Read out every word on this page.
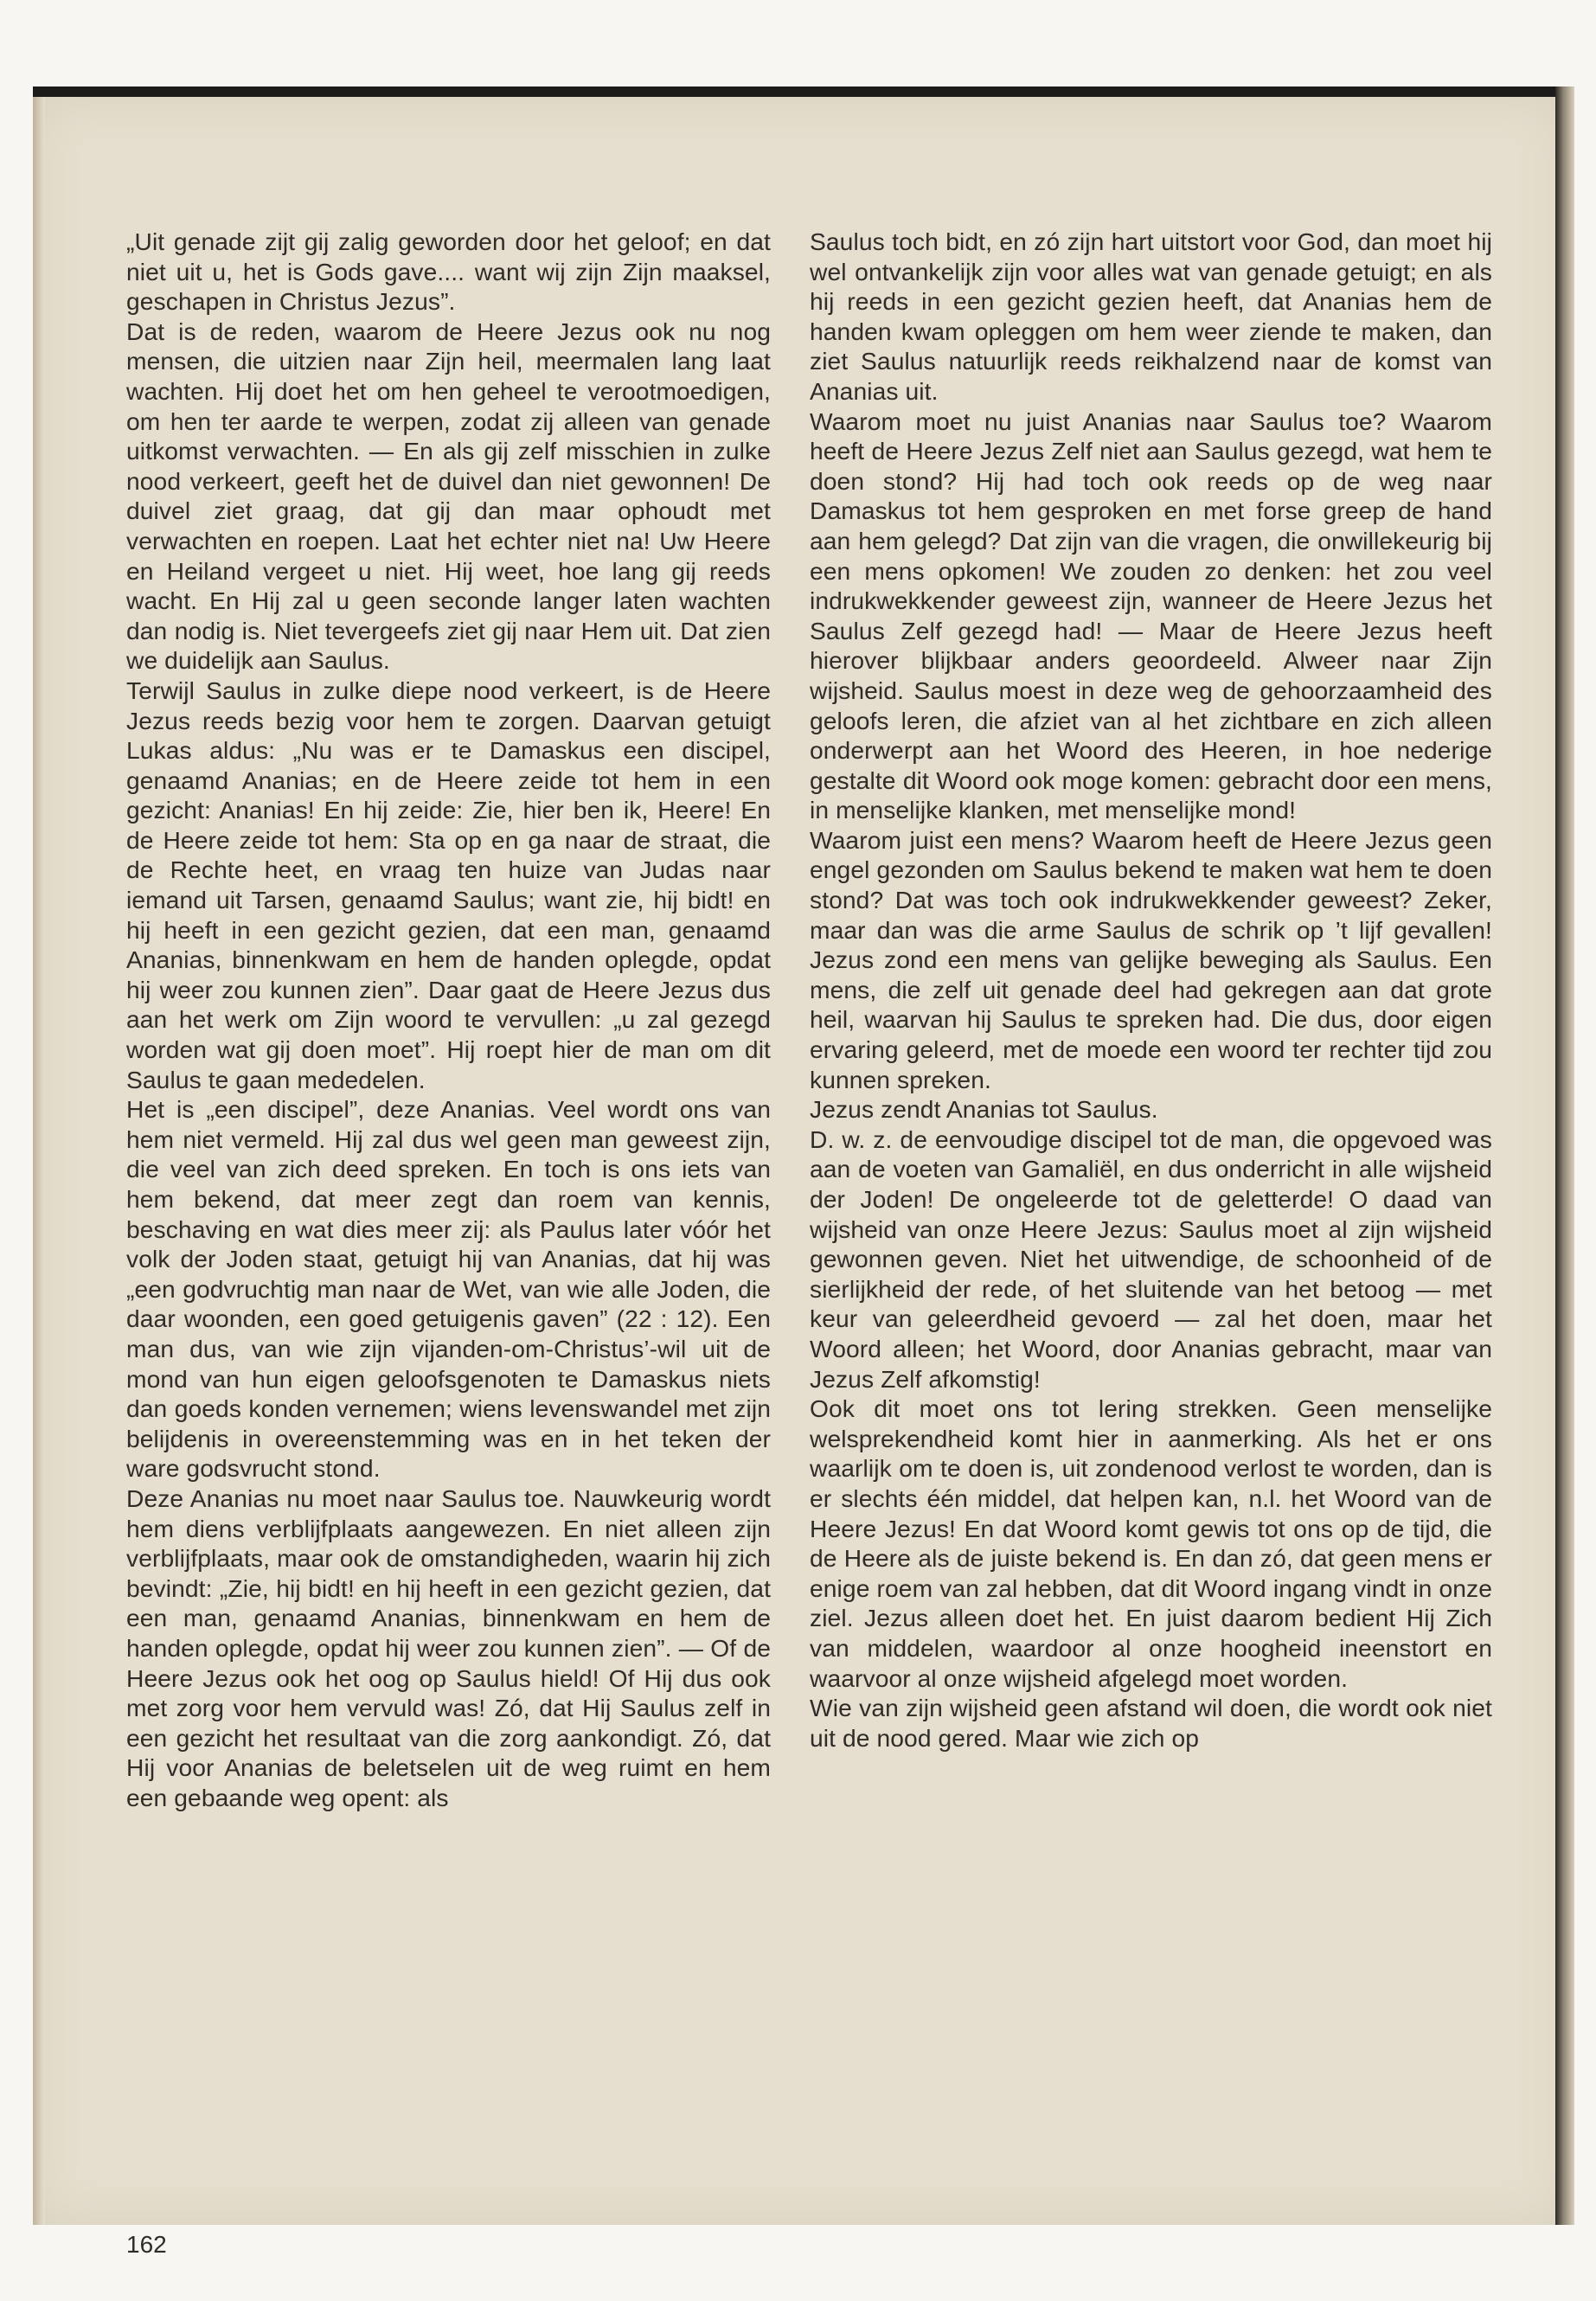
„Uit genade zijt gij zalig geworden door het geloof; en dat niet uit u, het is Gods gave.... want wij zijn Zijn maaksel, geschapen in Christus Jezus”.

Dat is de reden, waarom de Heere Jezus ook nu nog mensen, die uitzien naar Zijn heil, meermalen lang laat wachten. Hij doet het om hen geheel te verootmoedigen, om hen ter aarde te werpen, zodat zij alleen van genade uitkomst verwachten. — En als gij zelf misschien in zulke nood verkeert, geeft het de duivel dan niet gewonnen! De duivel ziet graag, dat gij dan maar ophoudt met verwachten en roepen. Laat het echter niet na! Uw Heere en Heiland vergeet u niet. Hij weet, hoe lang gij reeds wacht. En Hij zal u geen seconde langer laten wachten dan nodig is. Niet tevergeefs ziet gij naar Hem uit. Dat zien we duidelijk aan Saulus.

Terwijl Saulus in zulke diepe nood verkeert, is de Heere Jezus reeds bezig voor hem te zorgen. Daarvan getuigt Lukas aldus: „Nu was er te Damaskus een discipel, genaamd Ananias; en de Heere zeide tot hem in een gezicht: Ananias! En hij zeide: Zie, hier ben ik, Heere! En de Heere zeide tot hem: Sta op en ga naar de straat, die de Rechte heet, en vraag ten huize van Judas naar iemand uit Tarsen, genaamd Saulus; want zie, hij bidt! en hij heeft in een gezicht gezien, dat een man, genaamd Ananias, binnenkwam en hem de handen oplegde, opdat hij weer zou kunnen zien”. Daar gaat de Heere Jezus dus aan het werk om Zijn woord te vervullen: „u zal gezegd worden wat gij doen moet”. Hij roept hier de man om dit Saulus te gaan mededelen.

Het is „een discipel”, deze Ananias. Veel wordt ons van hem niet vermeld. Hij zal dus wel geen man geweest zijn, die veel van zich deed spreken. En toch is ons iets van hem bekend, dat meer zegt dan roem van kennis, beschaving en wat dies meer zij: als Paulus later vóór het volk der Joden staat, getuigt hij van Ananias, dat hij was „een godvruchtig man naar de Wet, van wie alle Joden, die daar woonden, een goed getuigenis gaven” (22 : 12). Een man dus, van wie zijn vijanden-om-Christus’-wil uit de mond van hun eigen geloofsgenoten te Damaskus niets dan goeds konden vernemen; wiens levenswandel met zijn belijdenis in overeenstemming was en in het teken der ware godsvrucht stond.

Deze Ananias nu moet naar Saulus toe. Nauwkeurig wordt hem diens verblijfplaats aangewezen. En niet alleen zijn verblijfplaats, maar ook de omstandigheden, waarin hij zich bevindt: „Zie, hij bidt! en hij heeft in een gezicht gezien, dat een man, genaamd Ananias, binnenkwam en hem de handen oplegde, opdat hij weer zou kunnen zien”. — Of de Heere Jezus ook het oog op Saulus hield! Of Hij dus ook met zorg voor hem vervuld was! Zó, dat Hij Saulus zelf in een gezicht het resultaat van die zorg aankondigt. Zó, dat Hij voor Ananias de beletselen uit de weg ruimt en hem een gebaande weg opent: als

Saulus toch bidt, en zó zijn hart uitstort voor God, dan moet hij wel ontvankelijk zijn voor alles wat van genade getuigt; en als hij reeds in een gezicht gezien heeft, dat Ananias hem de handen kwam opleggen om hem weer ziende te maken, dan ziet Saulus natuurlijk reeds reikhalzend naar de komst van Ananias uit.

Waarom moet nu juist Ananias naar Saulus toe? Waarom heeft de Heere Jezus Zelf niet aan Saulus gezegd, wat hem te doen stond? Hij had toch ook reeds op de weg naar Damaskus tot hem gesproken en met forse greep de hand aan hem gelegd? Dat zijn van die vragen, die onwillekeurig bij een mens opkomen! We zouden zo denken: het zou veel indrukwekkender geweest zijn, wanneer de Heere Jezus het Saulus Zelf gezegd had! — Maar de Heere Jezus heeft hierover blijkbaar anders geoordeeld. Alweer naar Zijn wijsheid. Saulus moest in deze weg de gehoorzaamheid des geloofs leren, die afziet van al het zichtbare en zich alleen onderwerpt aan het Woord des Heeren, in hoe nederige gestalte dit Woord ook moge komen: gebracht door een mens, in menselijke klanken, met menselijke mond!

Waarom juist een mens? Waarom heeft de Heere Jezus geen engel gezonden om Saulus bekend te maken wat hem te doen stond? Dat was toch ook indrukwekkender geweest? Zeker, maar dan was die arme Saulus de schrik op ’t lijf gevallen! Jezus zond een mens van gelijke beweging als Saulus. Een mens, die zelf uit genade deel had gekregen aan dat grote heil, waarvan hij Saulus te spreken had. Die dus, door eigen ervaring geleerd, met de moede een woord ter rechter tijd zou kunnen spreken.

Jezus zendt Ananias tot Saulus.

D. w. z. de eenvoudige discipel tot de man, die opgevoed was aan de voeten van Gamaliël, en dus onderricht in alle wijsheid der Joden! De ongeleerde tot de geletterde! O daad van wijsheid van onze Heere Jezus: Saulus moet al zijn wijsheid gewonnen geven. Niet het uitwendige, de schoonheid of de sierlijkheid der rede, of het sluitende van het betoog — met keur van geleerdheid gevoerd — zal het doen, maar het Woord alleen; het Woord, door Ananias gebracht, maar van Jezus Zelf afkomstig!

Ook dit moet ons tot lering strekken. Geen menselijke welsprekendheid komt hier in aanmerking. Als het er ons waarlijk om te doen is, uit zondenood verlost te worden, dan is er slechts één middel, dat helpen kan, n.l. het Woord van de Heere Jezus! En dat Woord komt gewis tot ons op de tijd, die de Heere als de juiste bekend is. En dan zó, dat geen mens er enige roem van zal hebben, dat dit Woord ingang vindt in onze ziel. Jezus alleen doet het. En juist daarom bedient Hij Zich van middelen, waardoor al onze hoogheid ineenstort en waarvoor al onze wijsheid afgelegd moet worden.

Wie van zijn wijsheid geen afstand wil doen, die wordt ook niet uit de nood gered. Maar wie zich op

162
